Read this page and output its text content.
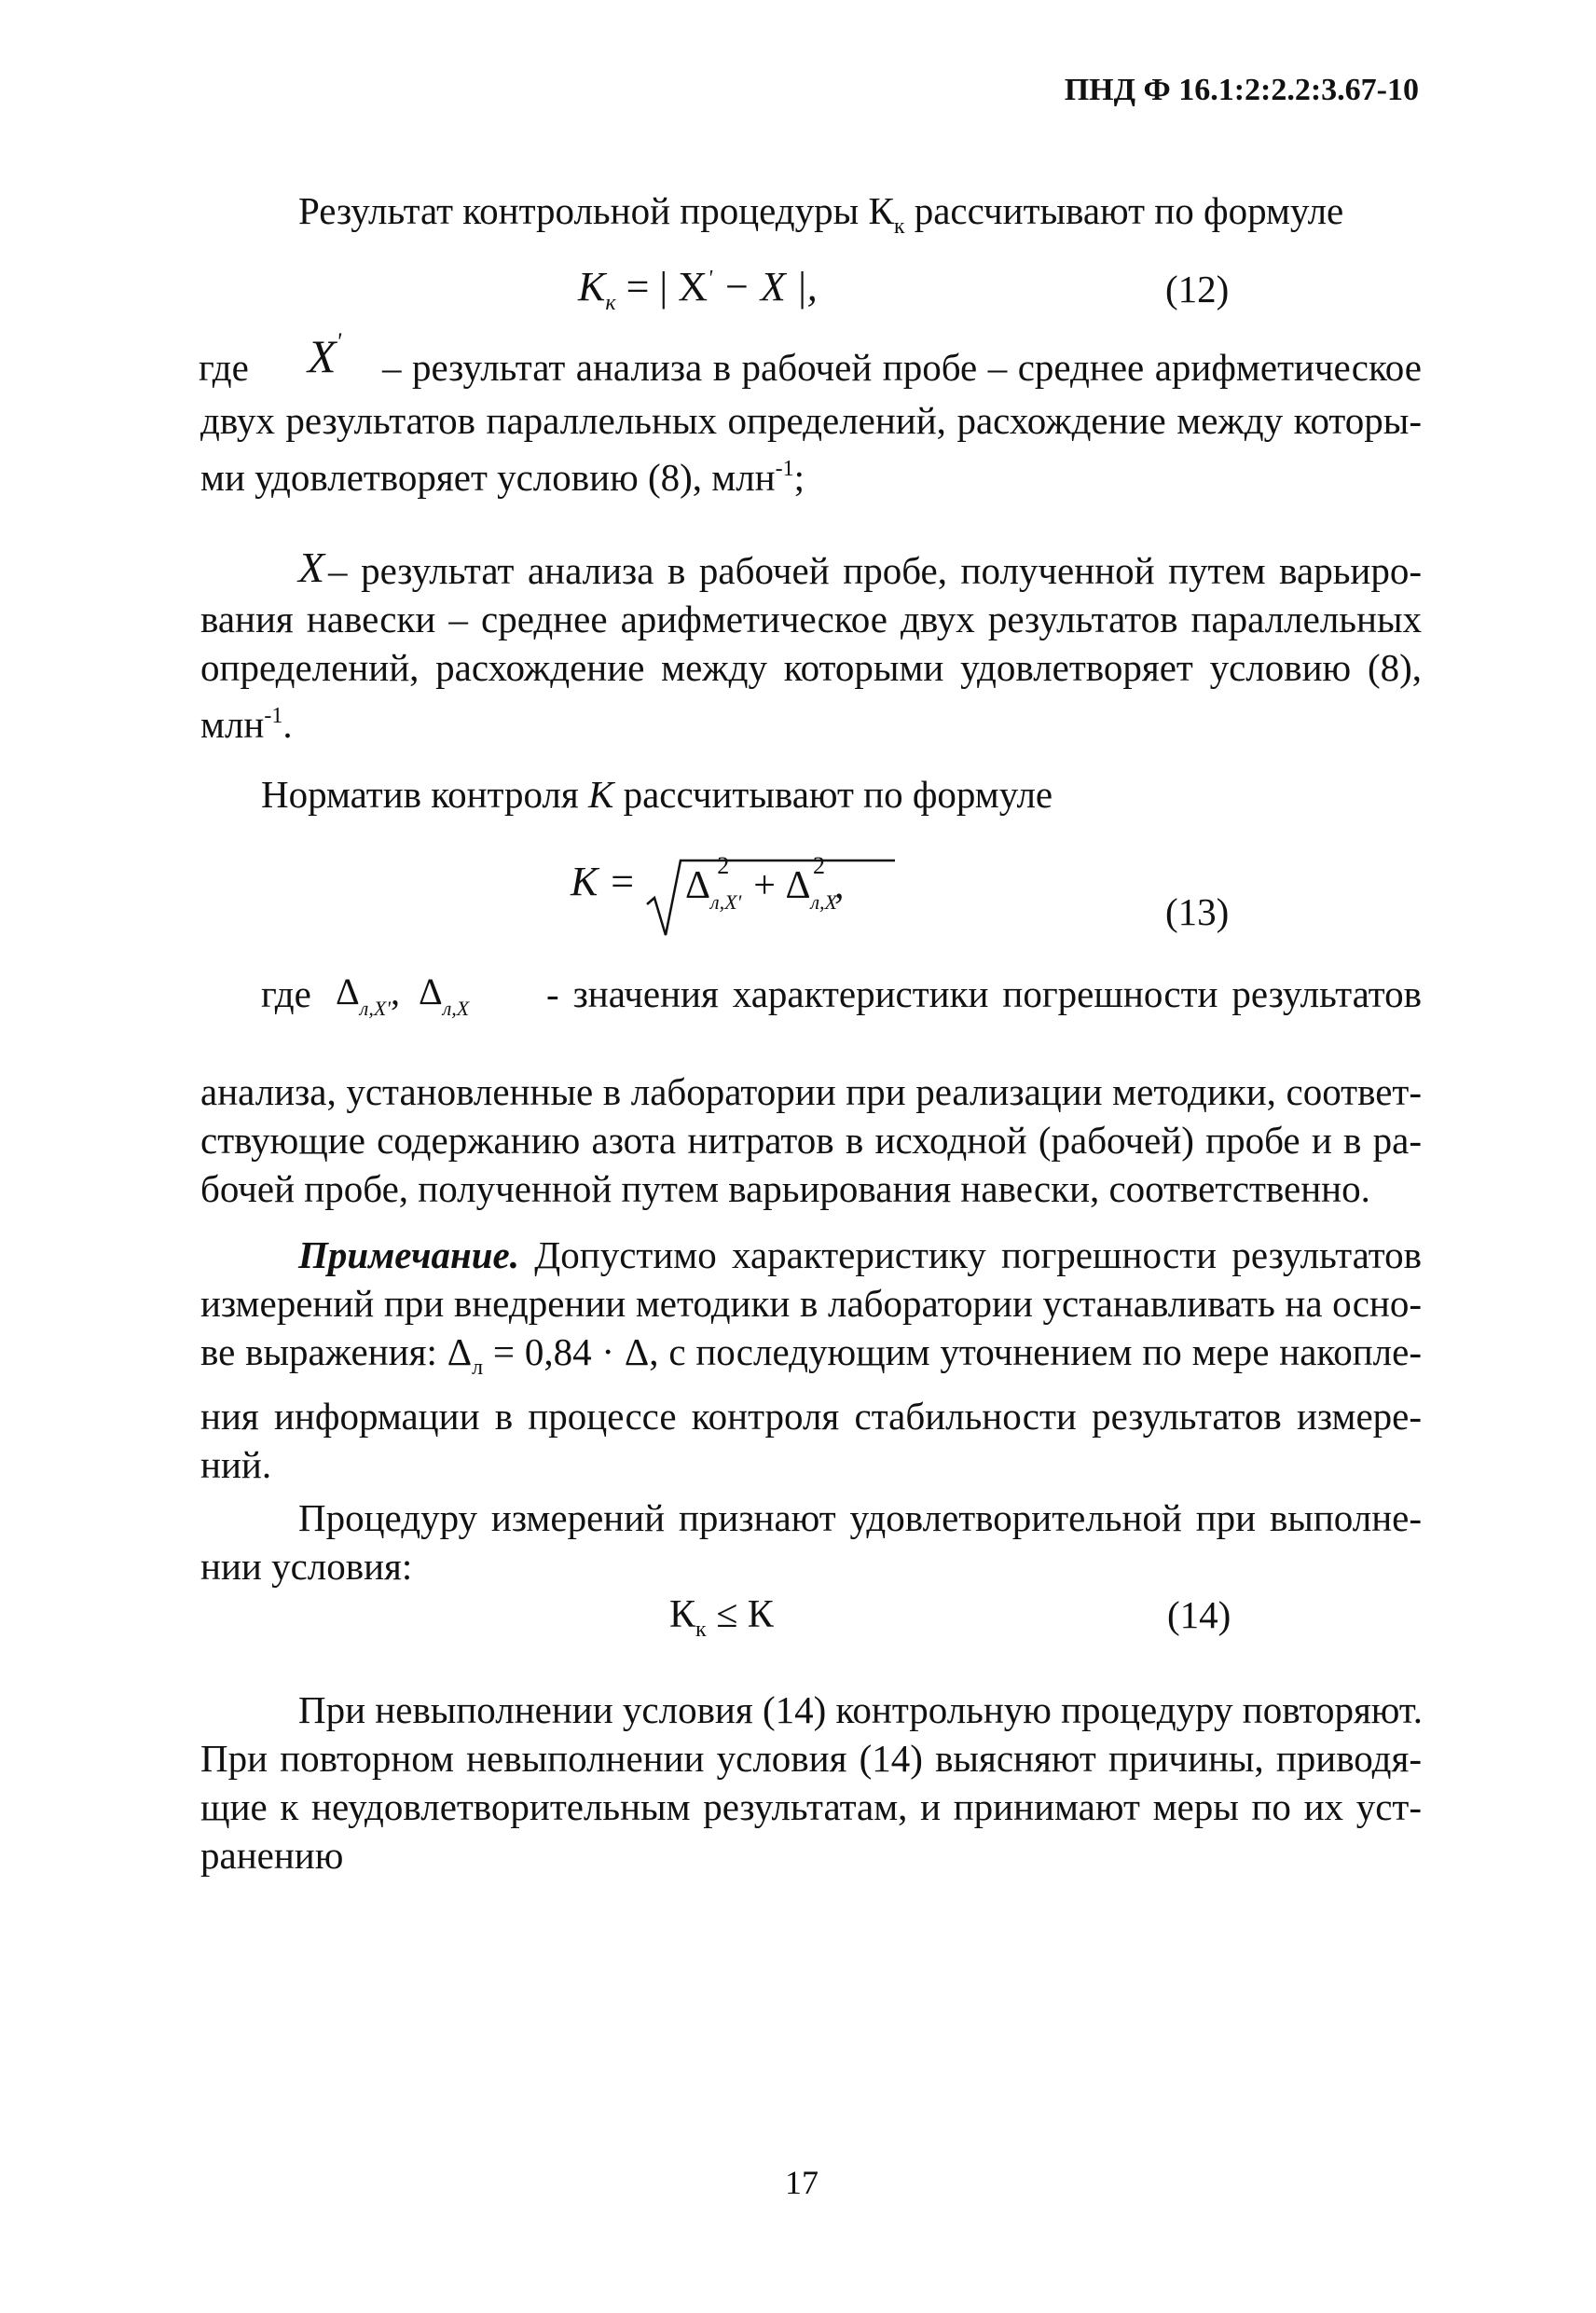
ПНД Ф 16.1:2:2.2:3.67-10
Результат контрольной процедуры $К_к$ рассчитывают по формуле
$K_к$ = | X' − X |,	(12)
где X'
– результат анализа в рабочей пробе – среднее арифметическое
двух результатов параллельных определений, расхождение между которы-
ми удовлетворяет условию (8), млн$^{-1}$;
X – результат анализа в рабочей пробе, полученной путем варьиро-
вания навески – среднее арифметическое двух результатов параллельных
определений, расхождение между которыми удовлетворяет условию (8),
млн$^{-1}$.
Норматив контроля K рассчитывают по формуле
$K = \Delta_{л,X'}^2 + \Delta_{л,X}^2$ ,
(13)
где $\Delta_{л,X'}$, $\Delta_{л,X}$ - значения характеристики погрешности результатов
анализа, установленные в лаборатории при реализации методики, соответ-
ствующие содержанию азота нитратов в исходной (рабочей) пробе и в ра-
бочей пробе, полученной путем варьирования навески, соответственно.
Примечание. Допустимо характеристику погрешности результатов
измерений при внедрении методики в лаборатории устанавливать на осно-
ве выражения: $\Delta_л = 0,84 \cdot \Delta$, с последующим уточнением по мере накопле-
ния информации в процессе контроля стабильности результатов измере-
ний.
Процедуру измерений признают удовлетворительной при выполне-
нии условия:
$К_к \le К$	(14)
При невыполнении условия (14) контрольную процедуру повторяют.
При повторном невыполнении условия (14) выясняют причины, приводя-
щие к неудовлетворительным результатам, и принимают меры по их уст-
ранению
17
